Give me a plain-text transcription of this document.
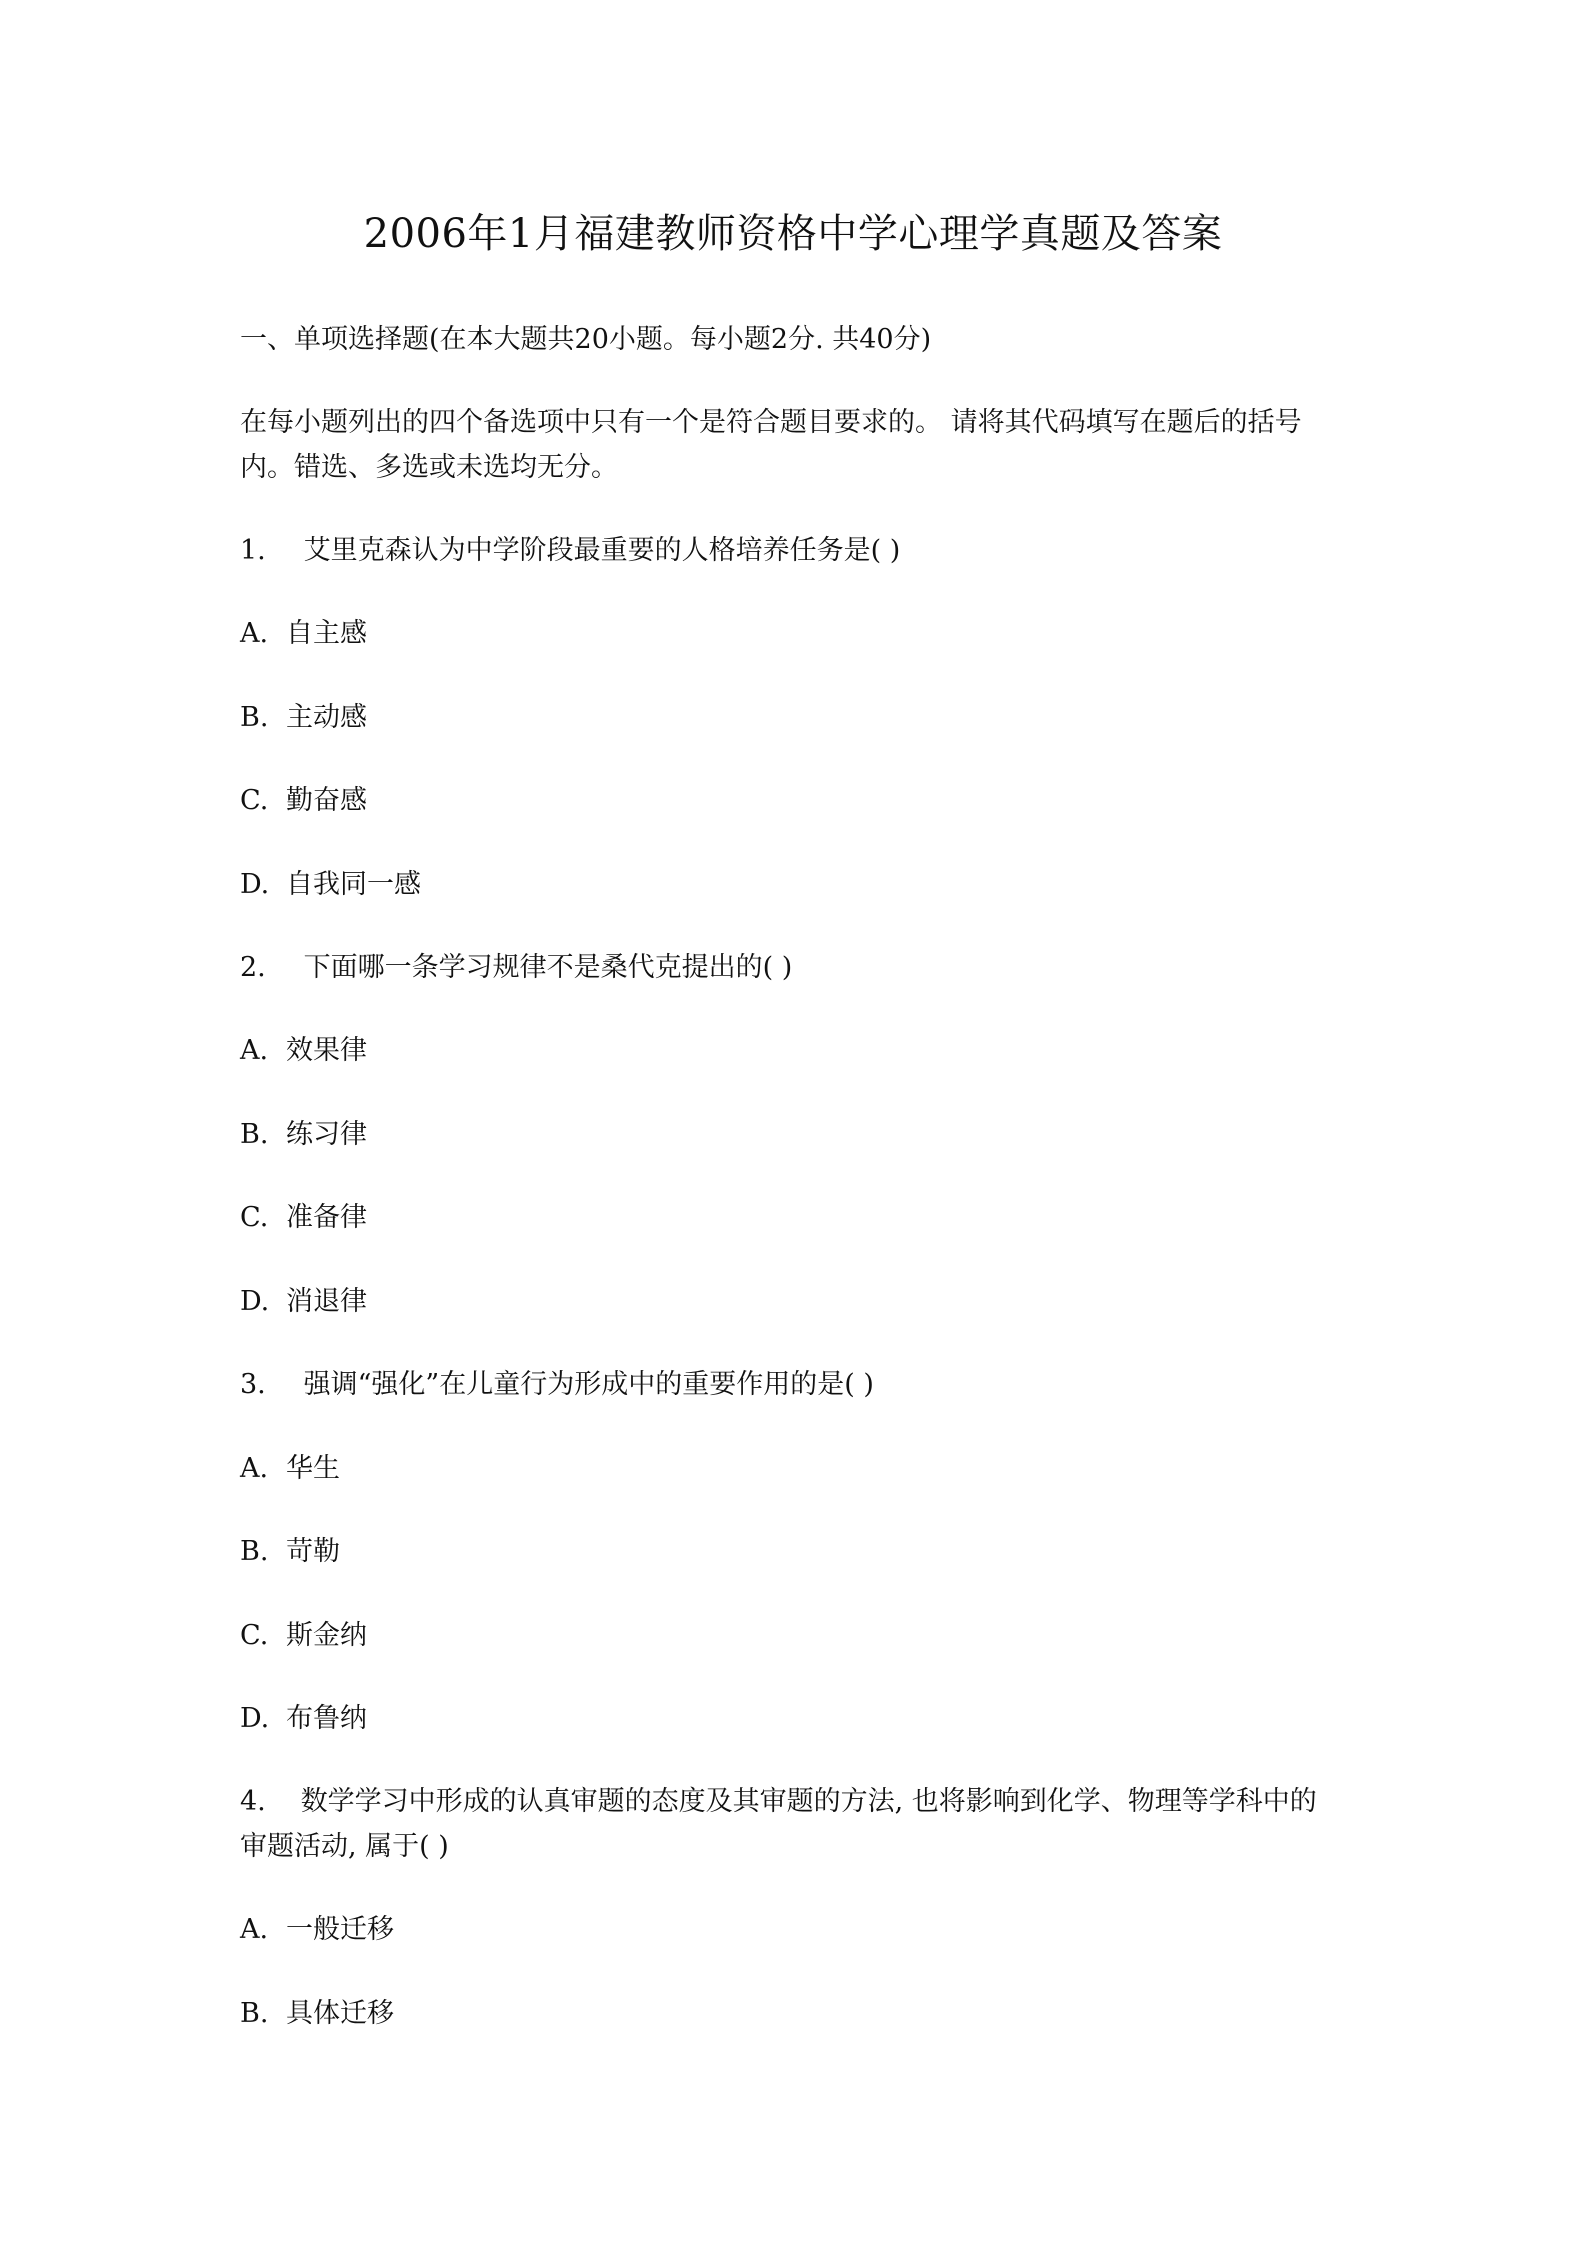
2006年1月福建教师资格中学心理学真题及答案
一、单项选择题(在本大题共20小题。每小题2分. 共40分)
在每小题列出的四个备选项中只有一个是符合题目要求的。 请将其代码填写在题后的括号
内。错选、多选或未选均无分。
1. 艾里克森认为中学阶段最重要的人格培养任务是( )
A. 自主感
B. 主动感
C. 勤奋感
D. 自我同一感
2. 下面哪一条学习规律不是桑代克提出的( )
A. 效果律
B. 练习律
C. 准备律
D. 消退律
3. 强调“强化”在儿童行为形成中的重要作用的是( )
A. 华生
B. 苛勒
C. 斯金纳
D. 布鲁纳
4. 数学学习中形成的认真审题的态度及其审题的方法, 也将影响到化学、物理等学科中的
审题活动, 属于( )
A. 一般迁移
B. 具体迁移
